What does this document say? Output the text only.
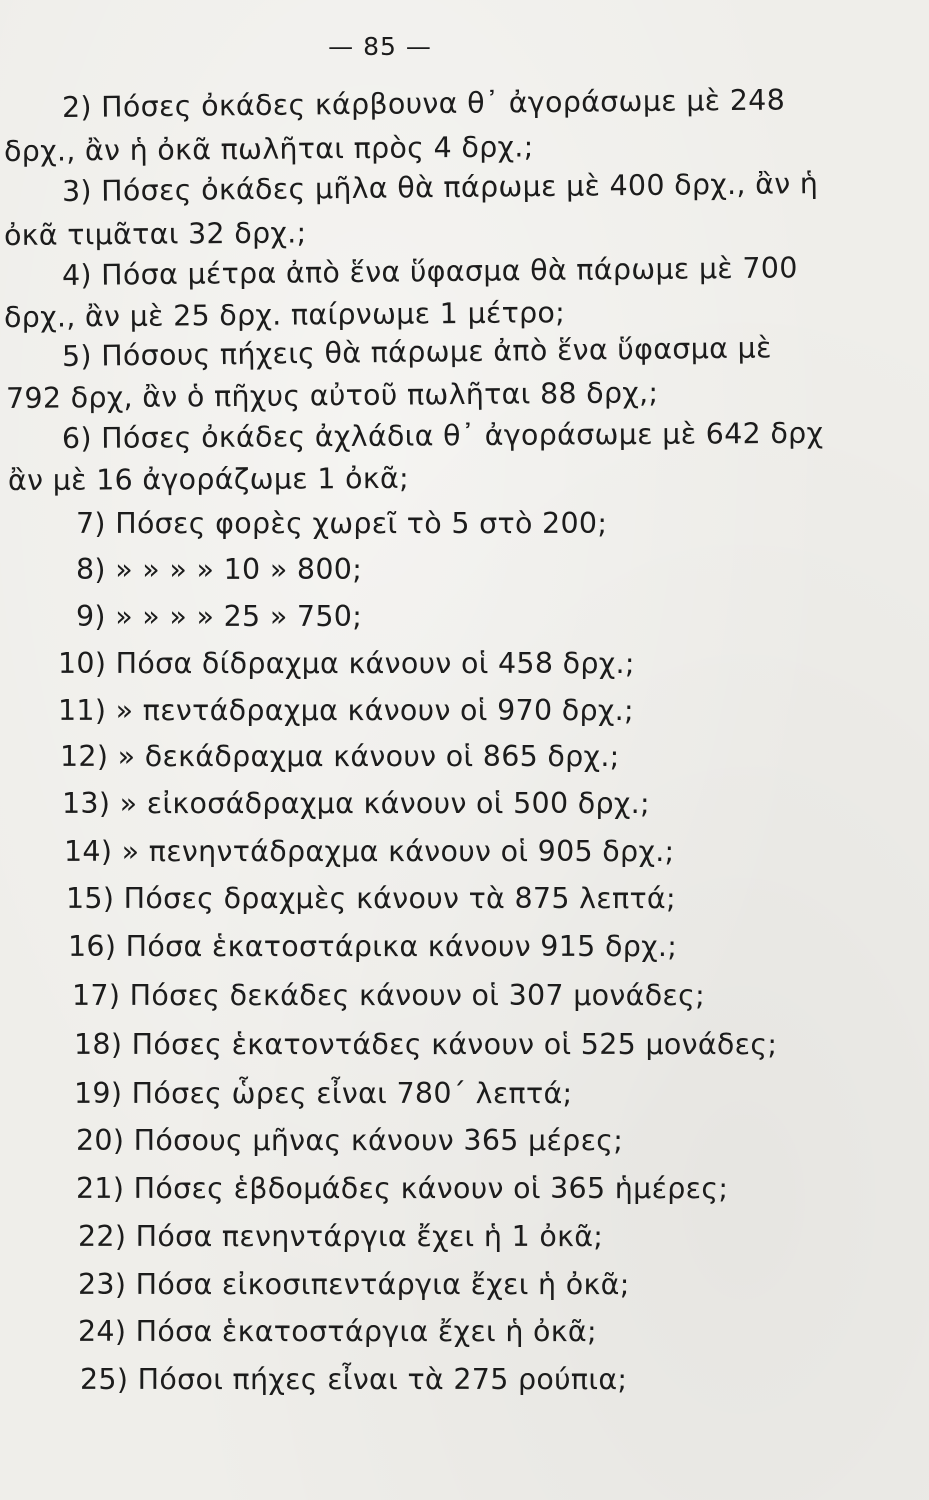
— 85 —
2) Πόσες ὀκάδες κάρβουνα θ᾿ ἀγοράσωμε μὲ 248
δρχ., ἂν ἡ ὀκᾶ πωλῆται πρὸς 4 δρχ.;
3) Πόσες ὀκάδες μῆλα θὰ πάρωμε μὲ 400 δρχ., ἂν ἡ
ὀκᾶ τιμᾶται 32 δρχ.;
4) Πόσα μέτρα ἀπὸ ἕνα ὕφασμα θὰ πάρωμε μὲ 700
δρχ., ἂν μὲ 25 δρχ. παίρνωμε 1 μέτρο;
5) Πόσους πήχεις θὰ πάρωμε ἀπὸ ἕνα ὕφασμα μὲ
792 δρχ, ἂν ὁ πῆχυς αὐτοῦ πωλῆται 88 δρχ,;
6) Πόσες ὀκάδες ἀχλάδια θ᾿ ἀγοράσωμε μὲ 642 δρχ
ἂν μὲ 16 ἀγοράζωμε 1 ὀκᾶ;
7) Πόσες φορὲς χωρεῖ τὸ 5 στὸ 200;
8) » » » » 10 » 800;
9) » » » » 25 » 750;
10) Πόσα δίδραχμα κάνουν οἱ 458 δρχ.;
11) » πεντάδραχμα κάνουν οἱ 970 δρχ.;
12) » δεκάδραχμα κάνουν οἱ 865 δρχ.;
13) » εἰκοσάδραχμα κάνουν οἱ 500 δρχ.;
14) » πενηντάδραχμα κάνουν οἱ 905 δρχ.;
15) Πόσες δραχμὲς κάνουν τὰ 875 λεπτά;
16) Πόσα ἑκατοστάρικα κάνουν 915 δρχ.;
17) Πόσες δεκάδες κάνουν οἱ 307 μονάδες;
18) Πόσες ἑκατοντάδες κάνουν οἱ 525 μονάδες;
19) Πόσες ὧρες εἶναι 780΄ λεπτά;
20) Πόσους μῆνας κάνουν 365 μέρες;
21) Πόσες ἑβδομάδες κάνουν οἱ 365 ἡμέρες;
22) Πόσα πενηντάργια ἔχει ἡ 1 ὀκᾶ;
23) Πόσα εἰκοσιπεντάργια ἔχει ἡ ὀκᾶ;
24) Πόσα ἑκατοστάργια ἔχει ἡ ὀκᾶ;
25) Πόσοι πήχες εἶναι τὰ 275 ρούπια;
